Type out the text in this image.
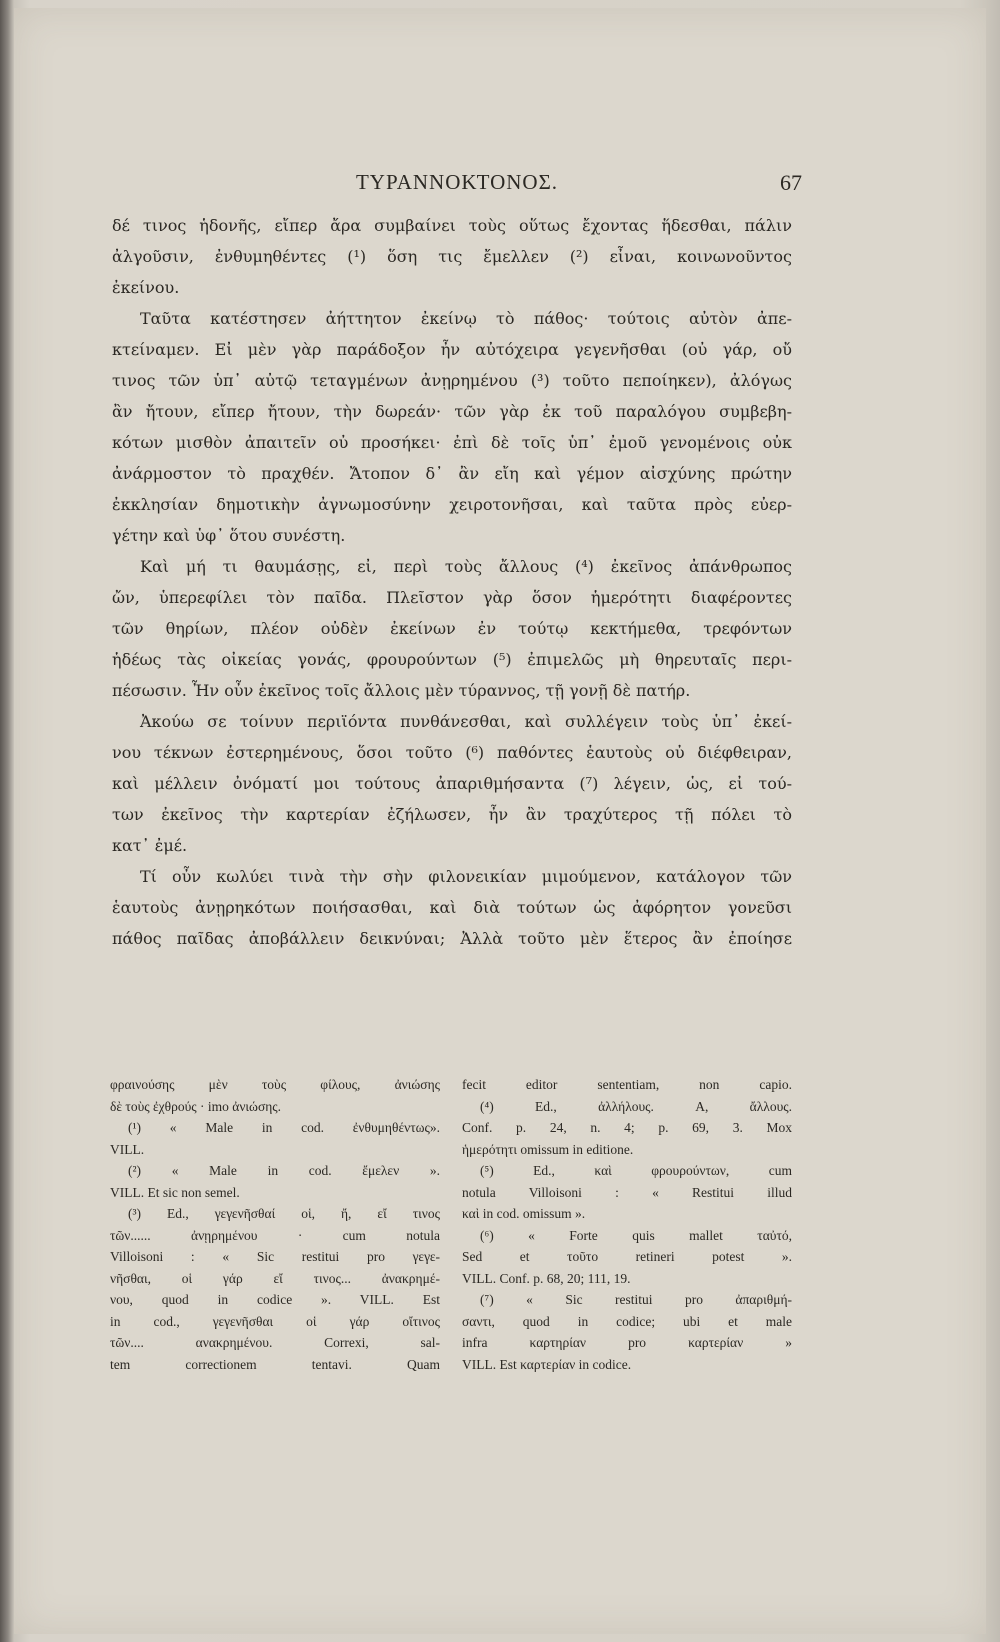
ΤΥΡΑΝΝΟΚΤΟΝΟΣ.	67
δέ τινος ἡδονῆς, εἴπερ ἄρα συμβαίνει τοὺς οὕτως ἔχοντας ἥδεσθαι, πάλιν
ἀλγοῦσιν, ἐνθυμηθέντες (¹) ὅση τις ἔμελλεν (²) εἶναι, κοινωνοῦντος
ἐκείνου.
Ταῦτα κατέστησεν ἀήττητον ἐκείνῳ τὸ πάθος· τούτοις αὐτὸν ἀπε-
κτείναμεν. Εἰ μὲν γὰρ παράδοξον ἦν αὐτόχειρα γεγενῆσθαι (οὐ γάρ, οὔ
τινος τῶν ὑπ᾽ αὐτῷ τεταγμένων ἀνῃρημένου (³) τοῦτο πεποίηκεν), ἀλόγως
ἂν ἤτουν, εἴπερ ἤτουν, τὴν δωρεάν· τῶν γὰρ ἐκ τοῦ παραλόγου συμβεβη-
κότων μισθὸν ἀπαιτεῖν οὐ προσήκει· ἐπὶ δὲ τοῖς ὑπ᾽ ἐμοῦ γενομένοις οὐκ
ἀνάρμοστον τὸ πραχθέν. Ἄτοπον δ᾽ ἂν εἴη καὶ γέμον αἰσχύνης πρώτην
ἐκκλησίαν δημοτικὴν ἀγνωμοσύνην χειροτονῆσαι, καὶ ταῦτα πρὸς εὐερ-
γέτην καὶ ὑφ᾽ ὅτου συνέστη.
Καὶ μή τι θαυμάσῃς, εἰ, περὶ τοὺς ἄλλους (⁴) ἐκεῖνος ἀπάνθρωπος
ὤν, ὑπερεφίλει τὸν παῖδα. Πλεῖστον γὰρ ὅσον ἡμερότητι διαφέροντες
τῶν θηρίων, πλέον οὐδὲν ἐκείνων ἐν τούτῳ κεκτήμεθα, τρεφόντων
ἡδέως τὰς οἰκείας γονάς, φρουρούντων (⁵) ἐπιμελῶς μὴ θηρευταῖς περι-
πέσωσιν. Ἦν οὖν ἐκεῖνος τοῖς ἄλλοις μὲν τύραννος, τῇ γονῇ δὲ πατήρ.
Ἀκούω σε τοίνυν περιϊόντα πυνθάνεσθαι, καὶ συλλέγειν τοὺς ὑπ᾽ ἐκεί-
νου τέκνων ἐστερημένους, ὅσοι τοῦτο (⁶) παθόντες ἑαυτοὺς οὐ διέφθειραν,
καὶ μέλλειν ὀνόματί μοι τούτους ἀπαριθμήσαντα (⁷) λέγειν, ὡς, εἰ τού-
των ἐκεῖνος τὴν καρτερίαν ἐζήλωσεν, ἦν ἂν τραχύτερος τῇ πόλει τὸ
κατ᾽ ἐμέ.
Τί οὖν κωλύει τινὰ τὴν σὴν φιλονεικίαν μιμούμενον, κατάλογον τῶν
ἑαυτοὺς ἀνῃρηκότων ποιήσασθαι, καὶ διὰ τούτων ὡς ἀφόρητον γονεῦσι
πάθος παῖδας ἀποβάλλειν δεικνύναι; Ἀλλὰ τοῦτο μὲν ἕτερος ἂν ἐποίησε
φραινούσης μὲν τοὺς φίλους, ἀνιώσης
δὲ τοὺς ἐχθρούς · imo ἀνιώσης.
(¹) « Male in cod. ἐνθυμηθέντως».
VILL.
(²) « Male in cod. ἔμελεν ».
VILL. Et sic non semel.
(³) Ed., γεγενῆσθαί οἱ, ἤ, εἴ τινος
τῶν...... ἀνῃρημένου · cum notula
Villoisoni : « Sic restitui pro γεγε-
νῆσθαι, οἱ γάρ εἴ τινος... ἀνακρημέ-
νου, quod in codice ». VILL. Est
in cod., γεγενῆσθαι οἱ γάρ οἴτινος
τῶν.... ανακρημένου. Correxi, sal-
tem correctionem tentavi. Quam
fecit editor sententiam, non capio.
(⁴) Ed., ἀλλήλους. A, ἄλλους.
Conf. p. 24, n. 4; p. 69, 3. Mox
ἡμερότητι omissum in editione.
(⁵) Ed., καὶ φρουρούντων, cum
notula Villoisoni : « Restitui illud
καὶ in cod. omissum ».
(⁶) « Forte quis mallet ταὐτό,
Sed et τοῦτο retineri potest ».
VILL. Conf. p. 68, 20; 111, 19.
(⁷) « Sic restitui pro ἀπαριθμή-
σαντι, quod in codice; ubi et male
infra καρτηρίαν pro καρτερίαν »
VILL. Est καρτερίαν in codice.
